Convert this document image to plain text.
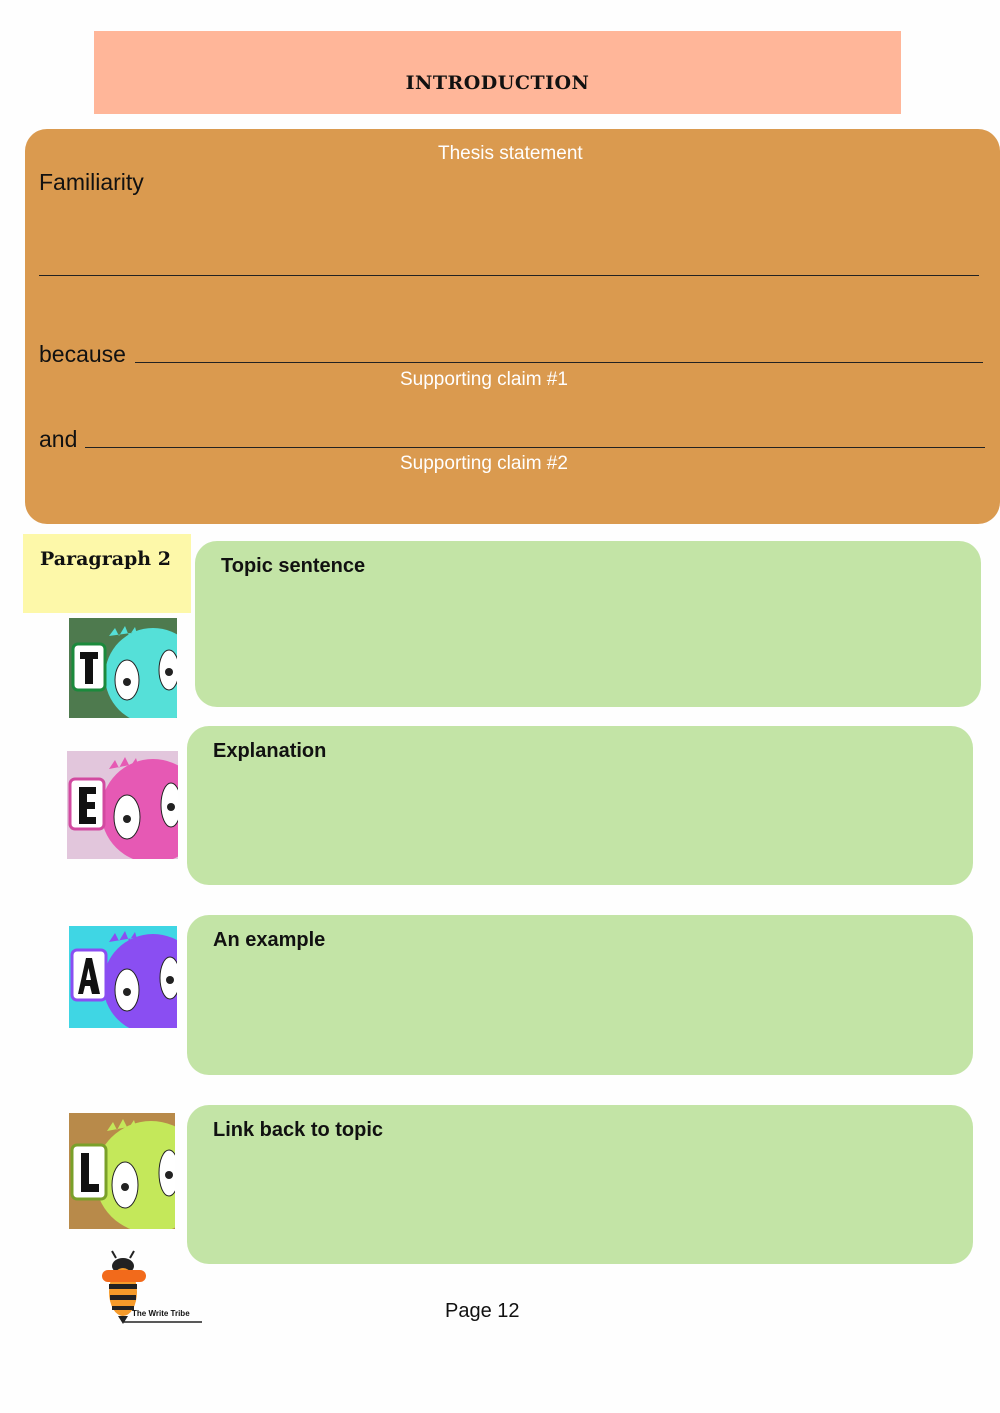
INTRODUCTION
Thesis statement
Familiarity
because
Supporting claim #1
and
Supporting claim #2
Paragraph 2	Topic sentence
Explanation
An example
Link back to topic
The Write Tribe	Page 12
